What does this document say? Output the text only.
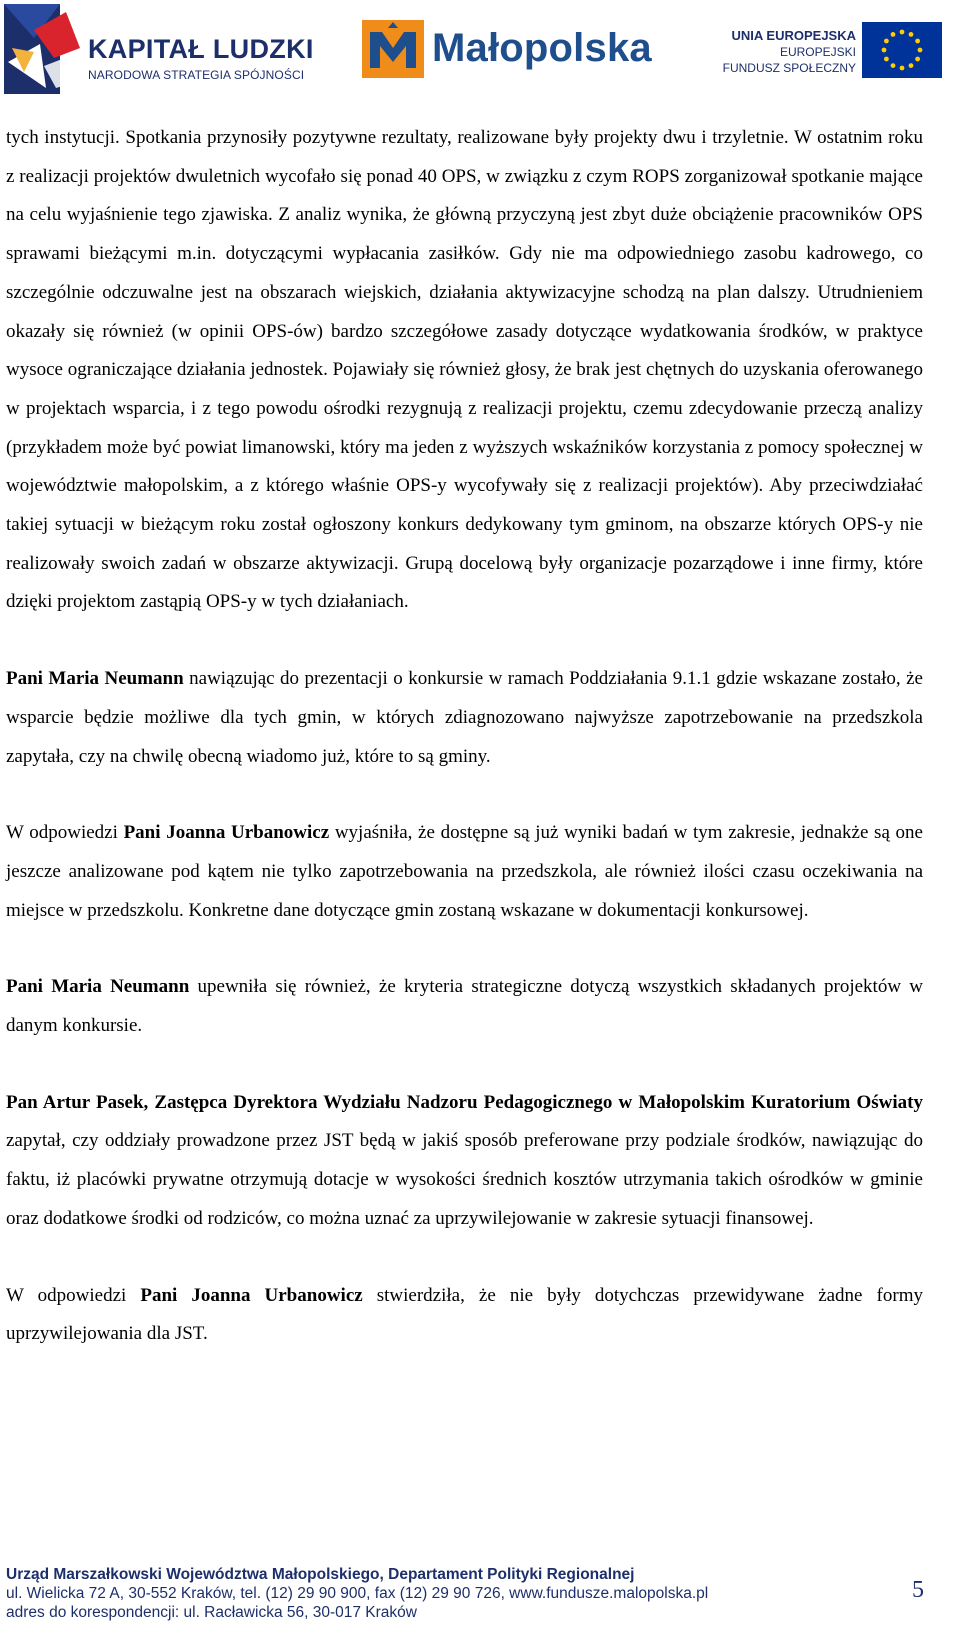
KAPITAŁ LUDZKI
NARODOWA STRATEGIA SPÓJNOŚCI
Małopolska	UNIA EUROPEJSKA
EUROPEJSKI
FUNDUSZ SPOŁECZNY

tych instytucji. Spotkania przynosiły pozytywne rezultaty, realizowane były projekty dwu i trzyletnie. W ostatnim roku z realizacji projektów dwuletnich wycofało się ponad 40 OPS, w związku z czym ROPS zorganizował spotkanie mające na celu wyjaśnienie tego zjawiska. Z analiz wynika, że główną przyczyną jest zbyt duże obciążenie pracowników OPS sprawami bieżącymi m.in. dotyczącymi wypłacania zasiłków. Gdy nie ma odpowiedniego zasobu kadrowego, co szczególnie odczuwalne jest na obszarach wiejskich, działania aktywizacyjne schodzą na plan dalszy. Utrudnieniem okazały się również (w opinii OPS-ów) bardzo szczegółowe zasady dotyczące wydatkowania środków, w praktyce wysoce ograniczające działania jednostek. Pojawiały się również głosy, że brak jest chętnych do uzyskania oferowanego w projektach wsparcia, i z tego powodu ośrodki rezygnują z realizacji projektu, czemu zdecydowanie przeczą analizy (przykładem może być powiat limanowski, który ma jeden z wyższych wskaźników korzystania z pomocy społecznej w województwie małopolskim, a z którego właśnie OPS-y wycofywały się z realizacji projektów). Aby przeciwdziałać takiej sytuacji w bieżącym roku został ogłoszony konkurs dedykowany tym gminom, na obszarze których OPS-y nie realizowały swoich zadań w obszarze aktywizacji. Grupą docelową były organizacje pozarządowe i inne firmy, które dzięki projektom zastąpią OPS-y w tych działaniach.

Pani Maria Neumann nawiązując do prezentacji o konkursie w ramach Poddziałania 9.1.1 gdzie wskazane zostało, że wsparcie będzie możliwe dla tych gmin, w których zdiagnozowano najwyższe zapotrzebowanie na przedszkola zapytała, czy na chwilę obecną wiadomo już, które to są gminy.

W odpowiedzi Pani Joanna Urbanowicz wyjaśniła, że dostępne są już wyniki badań w tym zakresie, jednakże są one jeszcze analizowane pod kątem nie tylko zapotrzebowania na przedszkola, ale również ilości czasu oczekiwania na miejsce w przedszkolu. Konkretne dane dotyczące gmin zostaną wskazane w dokumentacji konkursowej.

Pani Maria Neumann upewniła się również, że kryteria strategiczne dotyczą wszystkich składanych projektów w danym konkursie.

Pan Artur Pasek, Zastępca Dyrektora Wydziału Nadzoru Pedagogicznego w Małopolskim Kuratorium Oświaty zapytał, czy oddziały prowadzone przez JST będą w jakiś sposób preferowane przy podziale środków, nawiązując do faktu, iż placówki prywatne otrzymują dotacje w wysokości średnich kosztów utrzymania takich ośrodków w gminie oraz dodatkowe środki od rodziców, co można uznać za uprzywilejowanie w zakresie sytuacji finansowej.

W odpowiedzi Pani Joanna Urbanowicz stwierdziła, że nie były dotychczas przewidywane żadne formy uprzywilejowania dla JST.

Urząd Marszałkowski Województwa Małopolskiego, Departament Polityki Regionalnej
ul. Wielicka 72 A, 30-552 Kraków, tel. (12) 29 90 900, fax (12) 29 90 726, www.fundusze.malopolska.pl
adres do korespondencji: ul. Racławicka 56, 30-017 Kraków
5
